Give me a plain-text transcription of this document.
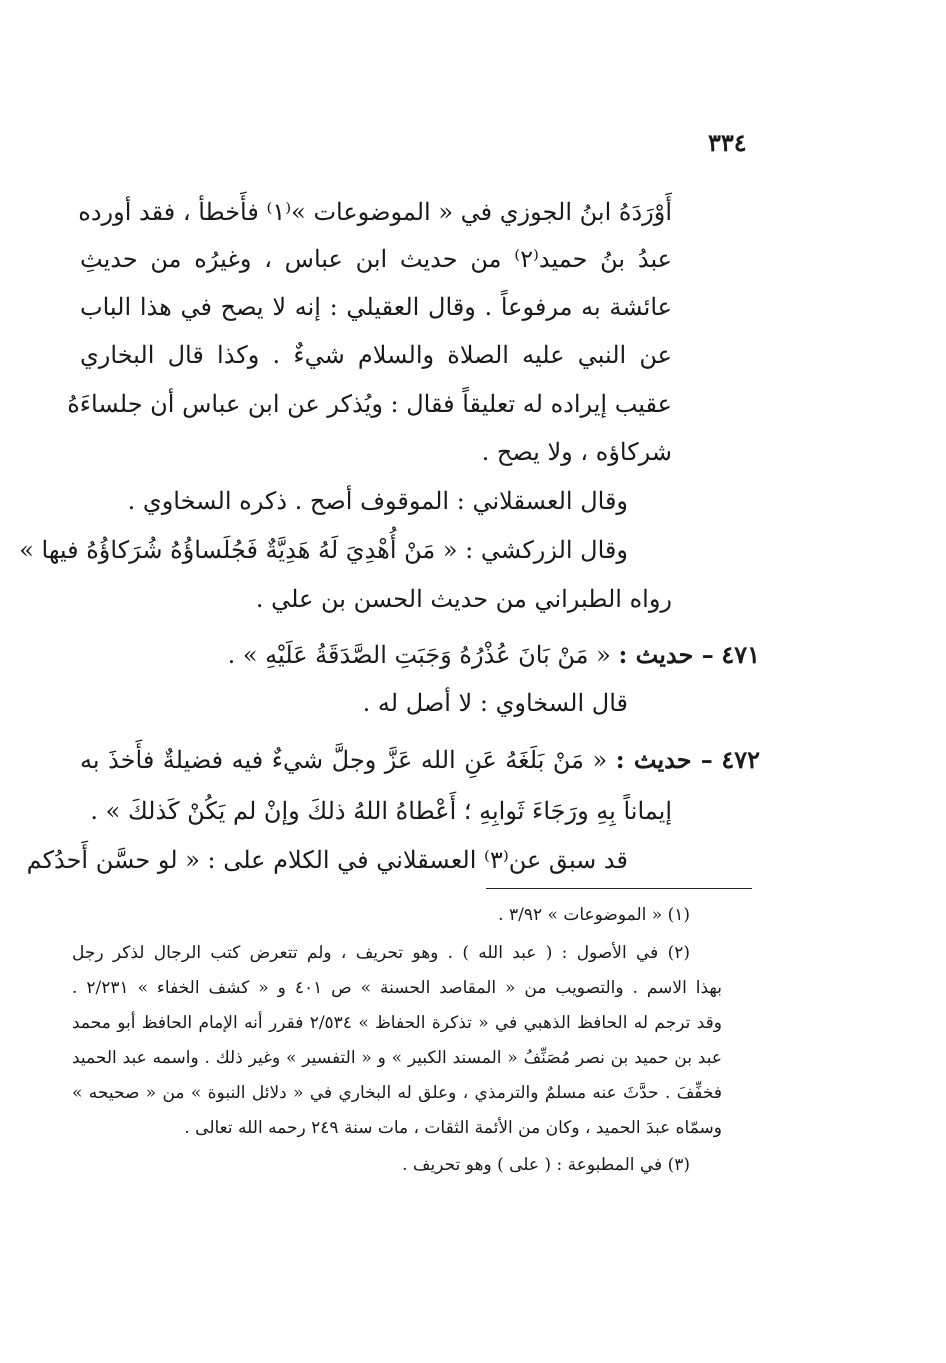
٣٣٤
أَوْرَدَهُ ابنُ الجوزي في « الموضوعات »⁽١⁾ فأَخطأ ، فقد أورده
عبدُ بنُ حميد⁽٢⁾ من حديث ابن عباس ، وغيرُه من حديثِ
عائشة به مرفوعاً . وقال العقيلي : إنه لا يصح في هذا الباب
عن النبي عليه الصلاة والسلام شيءٌ . وكذا قال البخاري
عقيب إيراده له تعليقاً فقال : ويُذكر عن ابن عباس أن جلساءَهُ
شركاؤه ، ولا يصح .
وقال العسقلاني : الموقوف أصح . ذكره السخاوي .
وقال الزركشي : « مَنْ أُهْدِيَ لَهُ هَدِيَّةٌ فَجُلَساؤُهُ شُرَكاؤُهُ فيها »
رواه الطبراني من حديث الحسن بن علي .
٤٧١ – حديث : « مَنْ بَانَ عُذْرُهُ وَجَبَتِ الصَّدَقَةُ عَلَيْهِ » .
قال السخاوي : لا أصل له .
٤٧٢ – حديث : « مَنْ بَلَغَهُ عَنِ الله عَزَّ وجلَّ شيءٌ فيه فضيلةٌ فأَخذَ به
إيماناً بِهِ ورَجَاءَ ثَوابِهِ ؛ أَعْطاهُ اللهُ ذلكَ وإنْ لم يَكُنْ كَذلكَ » .
قد سبق عن⁽٣⁾ العسقلاني في الكلام على : « لو حسَّن أَحدُكم
(١) « الموضوعات » ٣/٩٢ .
(٢) في الأصول : ( عبد الله ) . وهو تحريف ، ولم تتعرض كتب الرجال لذكر رجل
بهذا الاسم . والتصويب من « المقاصد الحسنة » ص ٤٠١ و « كشف الخفاء » ٢/٢٣١ .
وقد ترجم له الحافظ الذهبي في « تذكرة الحفاظ » ٢/٥٣٤ فقرر أنه الإمام الحافظ أبو محمد
عبد بن حميد بن نصر مُصَنِّفُ « المسند الكبير » و « التفسير » وغير ذلك . واسمه عبد الحميد
فخفِّفَ . حدَّثَ عنه مسلمٌ والترمذي ، وعلق له البخاري في « دلائل النبوة » من « صحيحه »
وسمّاه عبدَ الحميد ، وكان من الأئمة الثقات ، مات سنة ٢٤٩ رحمه الله تعالى .
(٣) في المطبوعة : ( على ) وهو تحريف .
